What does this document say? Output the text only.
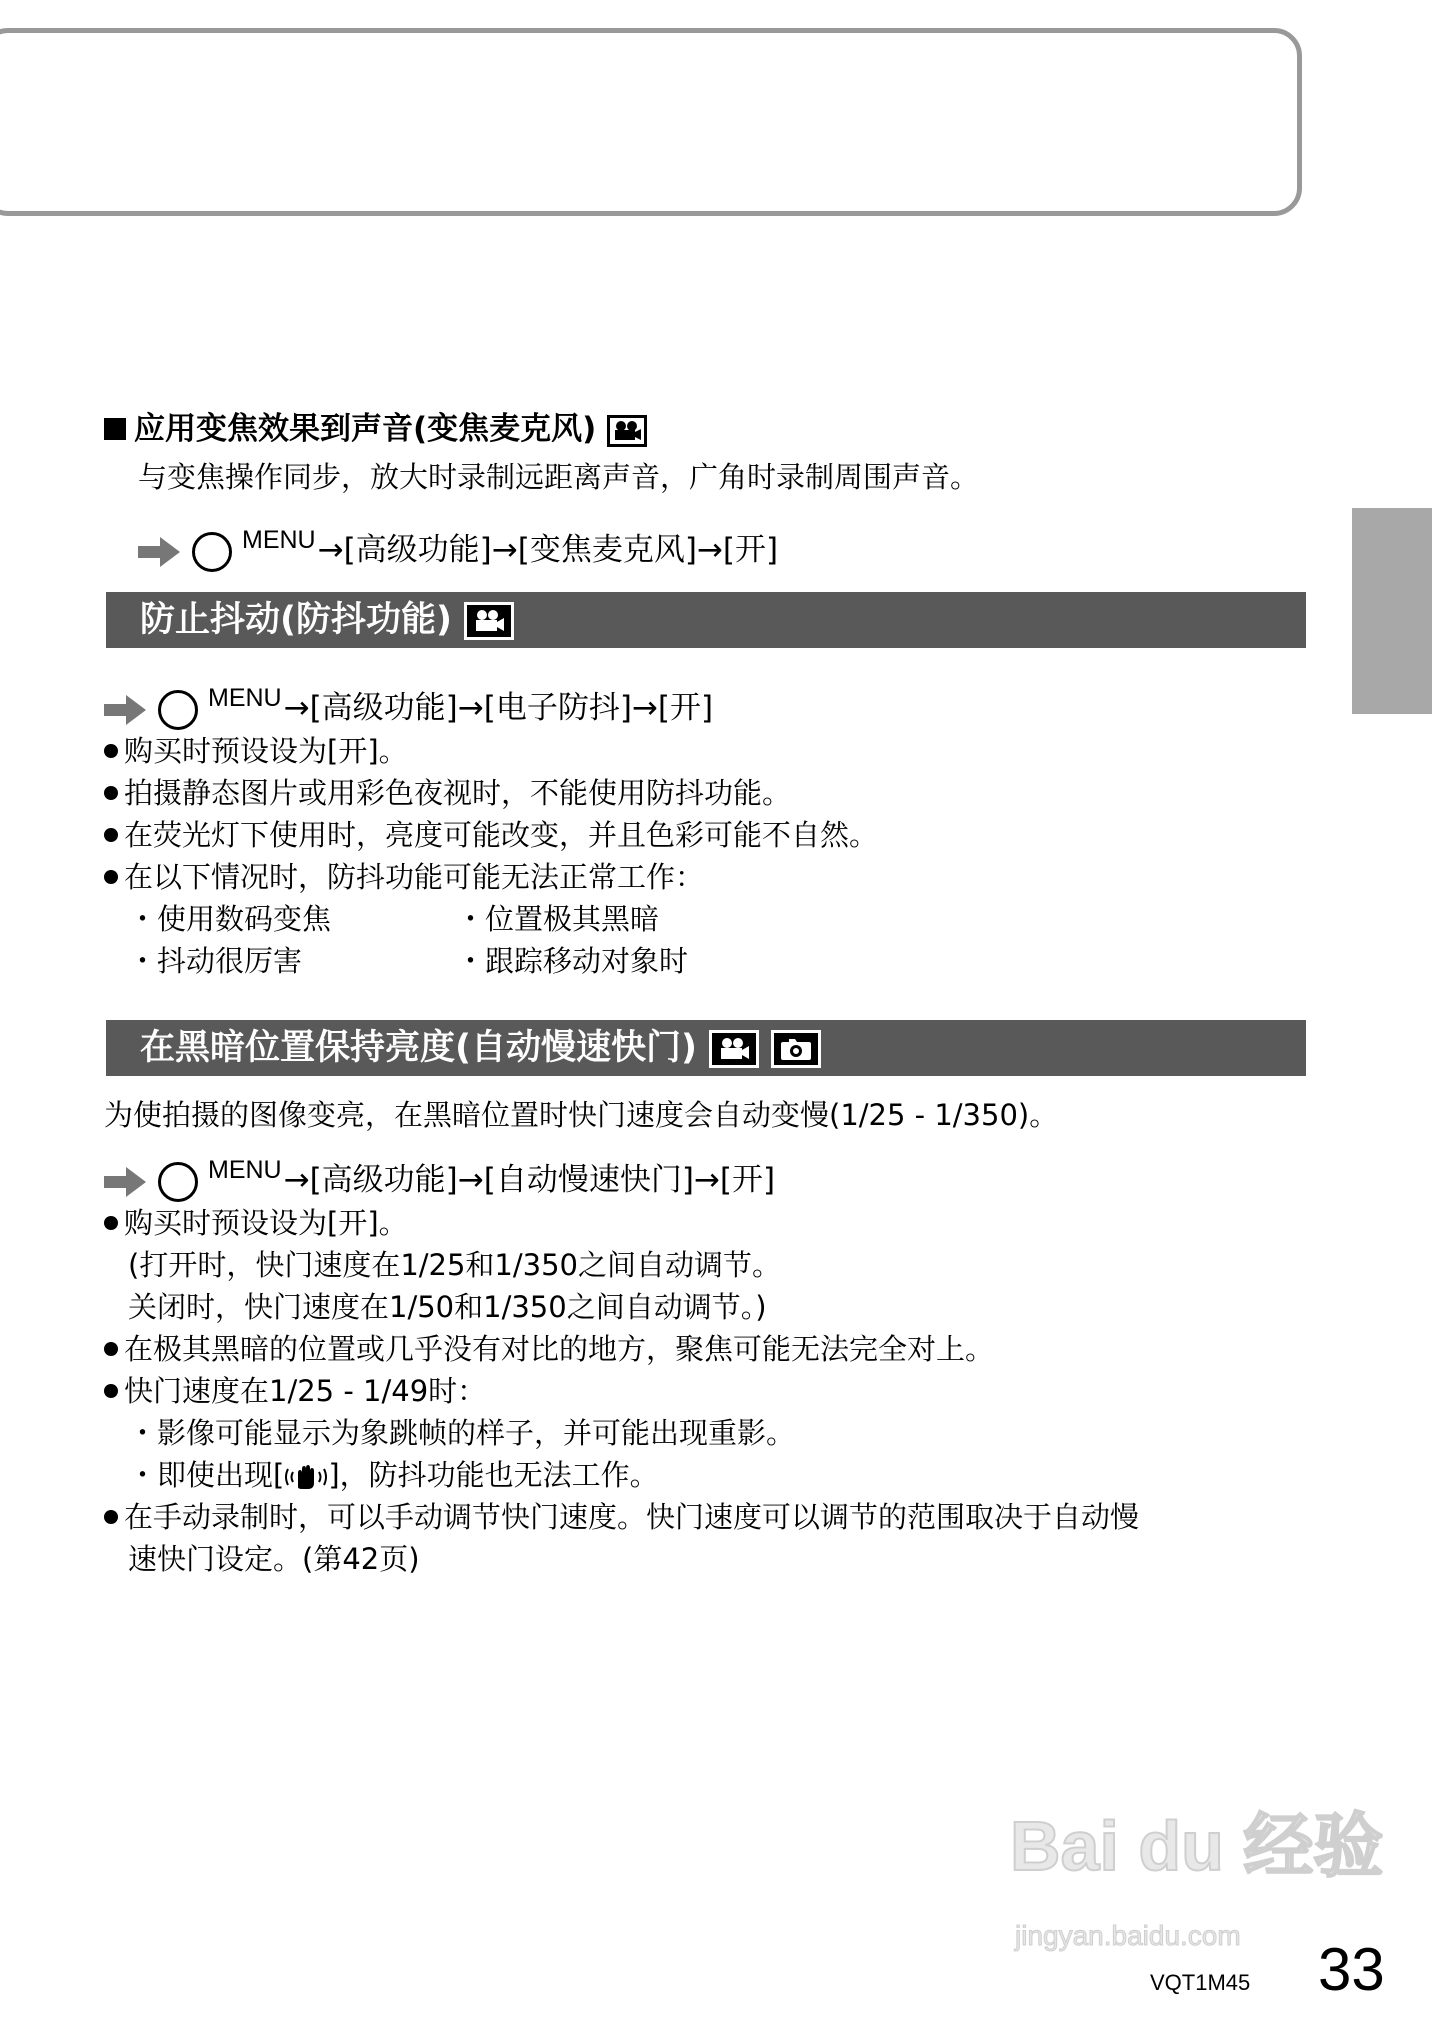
应用变焦效果到声音(变焦麦克风)
与变焦操作同步，放大时录制远距离声音，广角时录制周围声音。
$^{MENU}$→[高级功能]→[变焦麦克风]→[开]
防止抖动(防抖功能)
$^{MENU}$→[高级功能]→[电子防抖]→[开]
购买时预设设为[开]。
拍摄静态图片或用彩色夜视时，不能使用防抖功能。
在荧光灯下使用时，亮度可能改变，并且色彩可能不自然。
在以下情况时，防抖功能可能无法正常工作：
・使用数码变焦	・位置极其黑暗
・抖动很厉害	・跟踪移动对象时
在黑暗位置保持亮度(自动慢速快门)

为使拍摄的图像变亮，在黑暗位置时快门速度会自动变慢(1/25 - 1/350)。
$^{MENU}$→[高级功能]→[自动慢速快门]→[开]
购买时预设设为[开]。
(打开时，快门速度在1/25和1/350之间自动调节。
关闭时，快门速度在1/50和1/350之间自动调节。)
在极其黑暗的位置或几乎没有对比的地方，聚焦可能无法完全对上。
快门速度在1/25 - 1/49时：
・影像可能显示为象跳帧的样子，并可能出现重影。
・即使出现[ ]，防抖功能也无法工作。
在手动录制时，可以手动调节快门速度。快门速度可以调节的范围取决于自动慢
速快门设定。(第42页)
Bai du 经验
jingyan.baidu.com
VQT1M45 33
